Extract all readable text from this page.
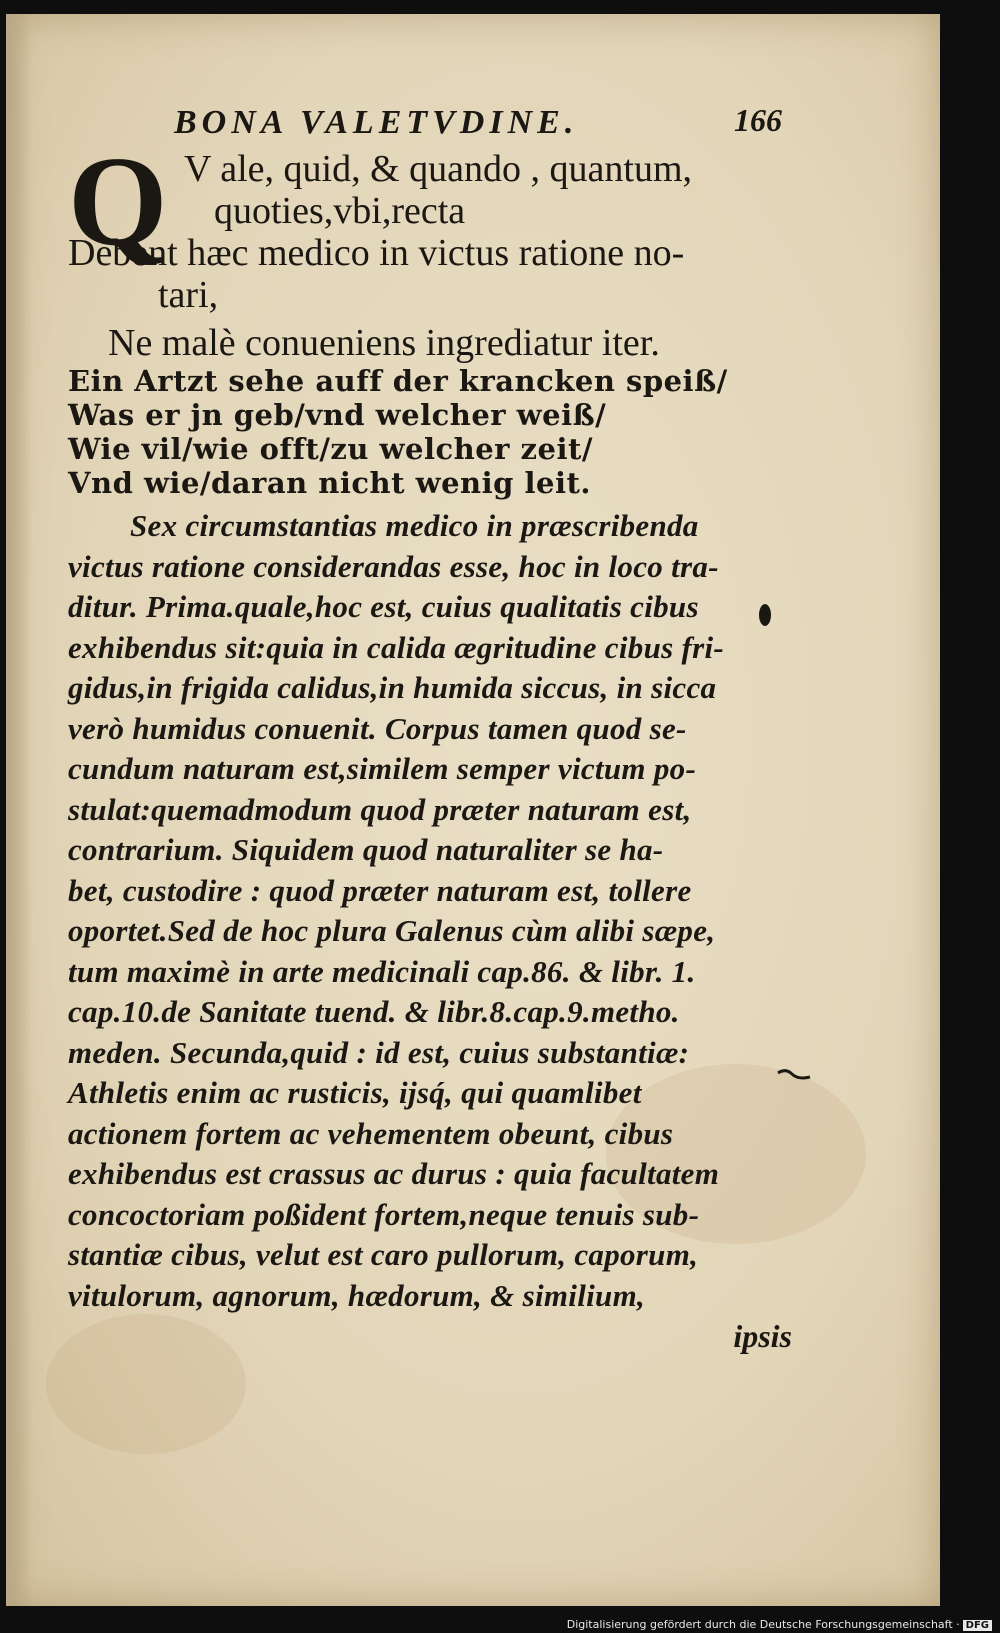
BONA VALETVDINE.	166
Q V ale, quid, & quando , quantum,
quoties,vbi,recta
Debent hæc medico in victus ratione no-
tari,
Ne malè conueniens ingrediatur iter.
Ein Artzt sehe auff der krancken speiß/
Was er jn geb/vnd welcher weiß/
Wie vil/wie offt/zu welcher zeit/
Vnd wie/daran nicht wenig leit.
Sex circumstantias medico in præscribenda
victus ratione considerandas esse, hoc in loco tra-
ditur. Prima.quale,hoc est, cuius qualitatis cibus
exhibendus sit:quia in calida ægritudine cibus fri-
gidus,in frigida calidus,in humida siccus, in sicca
verò humidus conuenit. Corpus tamen quod se-
cundum naturam est,similem semper victum po-
stulat:quemadmodum quod præter naturam est,
contrarium. Siquidem quod naturaliter se ha-
bet, custodire : quod præter naturam est, tollere
oportet.Sed de hoc plura Galenus cùm alibi sæpe,
tum maximè in arte medicinali cap.86. & libr. 1.
cap.10.de Sanitate tuend. & libr.8.cap.9.metho.
meden. Secunda,quid : id est, cuius substantiæ:
Athletis enim ac rusticis, ijsq́, qui quamlibet
actionem fortem ac vehementem obeunt, cibus
exhibendus est crassus ac durus : quia facultatem
concoctoriam poßident fortem,neque tenuis sub-
stantiæ cibus, velut est caro pullorum, caporum,
vitulorum, agnorum, hædorum, & similium,
ipsis
Digitalisierung gefördert durch die Deutsche Forschungsgemeinschaft · DFG
